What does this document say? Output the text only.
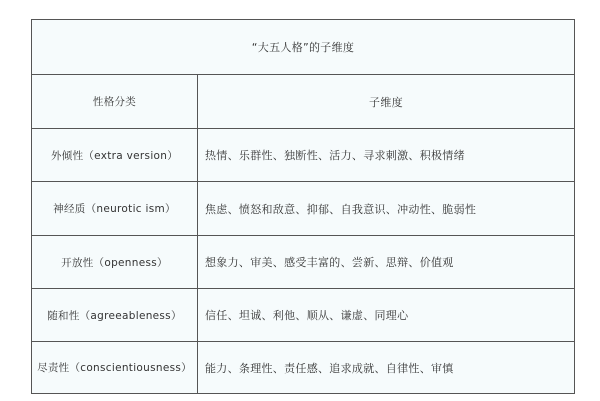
“大五人格”的子维度
性格分类	子维度
外倾性（extra version）	热情、乐群性、独断性、活力、寻求刺激、积极情绪
神经质（neurotic ism）	焦虑、愤怒和敌意、抑郁、自我意识、冲动性、脆弱性
开放性（openness）	想象力、审美、感受丰富的、尝新、思辩、价值观
随和性（agreeableness）	信任、坦诚、利他、顺从、谦虚、同理心
尽责性（conscientiousness）	能力、条理性、责任感、追求成就、自律性、审慎
